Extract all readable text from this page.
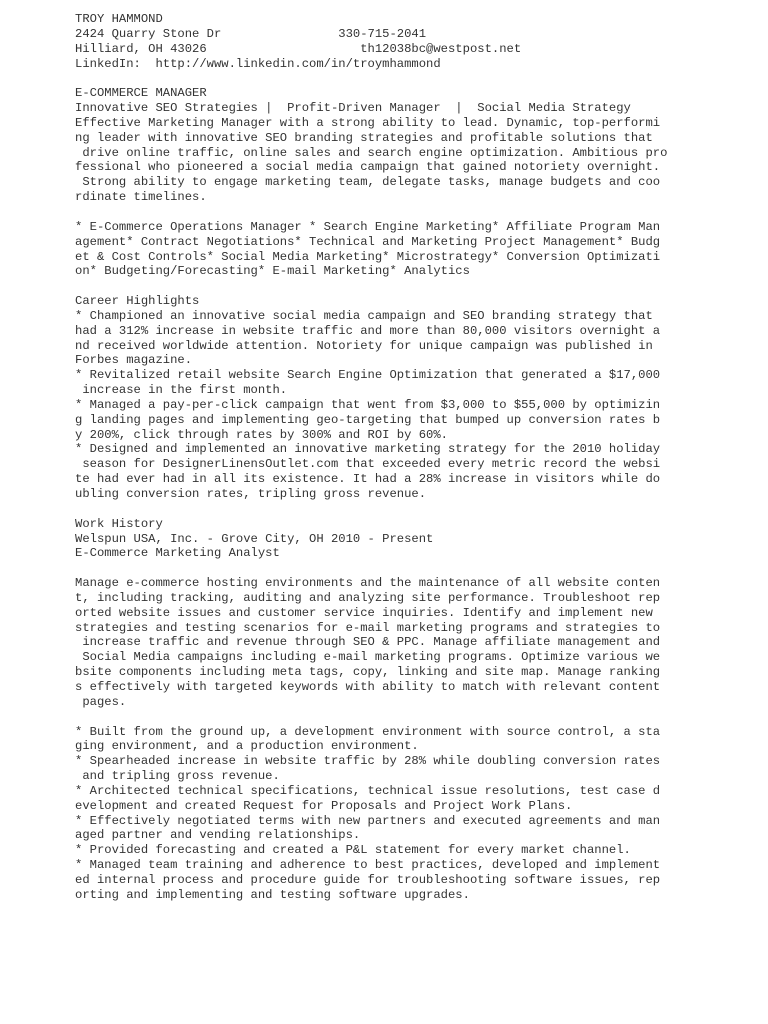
TROY HAMMOND
2424 Quarry Stone Dr                330-715-2041
Hilliard, OH 43026                     th12038bc@westpost.net
LinkedIn:  http://www.linkedin.com/in/troymhammond
E-COMMERCE MANAGER
Innovative SEO Strategies |  Profit-Driven Manager  |  Social Media Strategy
Effective Marketing Manager with a strong ability to lead. Dynamic, top-performi
ng leader with innovative SEO branding strategies and profitable solutions that
drive online traffic, online sales and search engine optimization. Ambitious pro
fessional who pioneered a social media campaign that gained notoriety overnight.
Strong ability to engage marketing team, delegate tasks, manage budgets and coo
rdinate timelines.
* E-Commerce Operations Manager * Search Engine Marketing* Affiliate Program Man
agement* Contract Negotiations* Technical and Marketing Project Management* Budg
et & Cost Controls* Social Media Marketing* Microstrategy* Conversion Optimizati
on* Budgeting/Forecasting* E-mail Marketing* Analytics
Career Highlights
* Championed an innovative social media campaign and SEO branding strategy that
had a 312% increase in website traffic and more than 80,000 visitors overnight a
nd received worldwide attention. Notoriety for unique campaign was published in
Forbes magazine.
* Revitalized retail website Search Engine Optimization that generated a $17,000
increase in the first month.
* Managed a pay-per-click campaign that went from $3,000 to $55,000 by optimizin
g landing pages and implementing geo-targeting that bumped up conversion rates b
y 200%, click through rates by 300% and ROI by 60%.
* Designed and implemented an innovative marketing strategy for the 2010 holiday
season for DesignerLinensOutlet.com that exceeded every metric record the websi
te had ever had in all its existence. It had a 28% increase in visitors while do
ubling conversion rates, tripling gross revenue.
Work History
Welspun USA, Inc. - Grove City, OH 2010 - Present
E-Commerce Marketing Analyst
Manage e-commerce hosting environments and the maintenance of all website conten
t, including tracking, auditing and analyzing site performance. Troubleshoot rep
orted website issues and customer service inquiries. Identify and implement new
strategies and testing scenarios for e-mail marketing programs and strategies to
increase traffic and revenue through SEO & PPC. Manage affiliate management and
Social Media campaigns including e-mail marketing programs. Optimize various we
bsite components including meta tags, copy, linking and site map. Manage ranking
s effectively with targeted keywords with ability to match with relevant content
pages.
* Built from the ground up, a development environment with source control, a sta
ging environment, and a production environment.
* Spearheaded increase in website traffic by 28% while doubling conversion rates
and tripling gross revenue.
* Architected technical specifications, technical issue resolutions, test case d
evelopment and created Request for Proposals and Project Work Plans.
* Effectively negotiated terms with new partners and executed agreements and man
aged partner and vending relationships.
* Provided forecasting and created a P&L statement for every market channel.
* Managed team training and adherence to best practices, developed and implement
ed internal process and procedure guide for troubleshooting software issues, rep
orting and implementing and testing software upgrades.
